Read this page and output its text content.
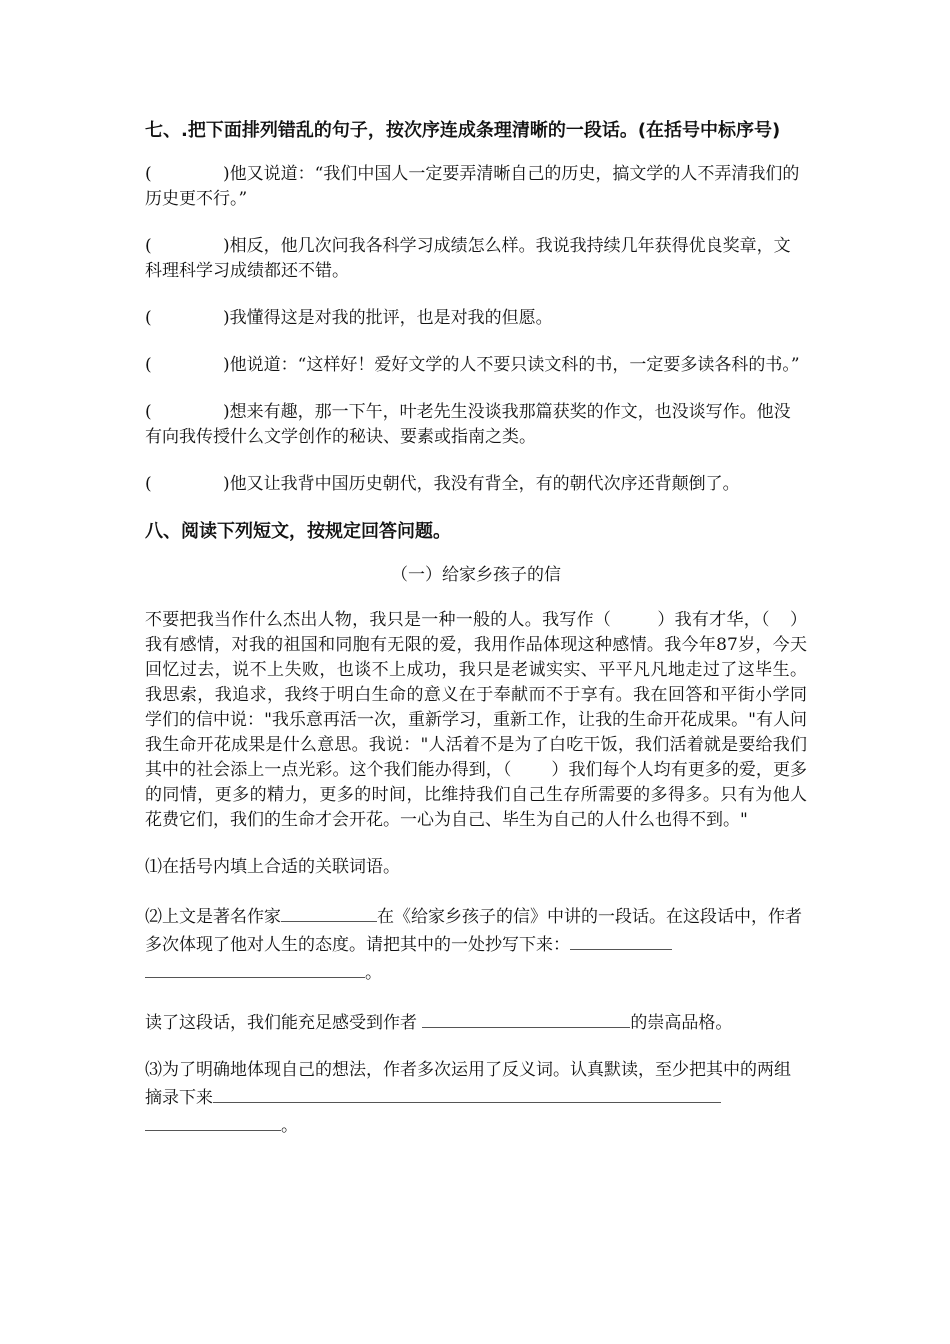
七、.把下面排列错乱的句子，按次序连成条理清晰的一段话。(在括号中标序号)
(	)他又说道：“我们中国人一定要弄清晰自己的历史，搞文学的人不弄清我们的历史更不行。”
(	)相反，他几次问我各科学习成绩怎么样。我说我持续几年获得优良奖章，文科理科学习成绩都还不错。
(	)我懂得这是对我的批评，也是对我的但愿。
(	)他说道：“这样好！爱好文学的人不要只读文科的书，一定要多读各科的书。”
(	)想来有趣，那一下午，叶老先生没谈我那篇获奖的作文，也没谈写作。他没有向我传授什么文学创作的秘诀、要素或指南之类。
(	)他又让我背中国历史朝代，我没有背全，有的朝代次序还背颠倒了。
八、阅读下列短文，按规定回答问题。
（一）给家乡孩子的信
不要把我当作什么杰出人物，我只是一种一般的人。我写作（	）我有才华，（ ）我有感情，对我的祖国和同胞有无限的爱，我用作品体现这种感情。我今年87岁，今天回忆过去，说不上失败，也谈不上成功，我只是老诚实实、平平凡凡地走过了这毕生。我思索，我追求，我终于明白生命的意义在于奉献而不于享有。我在回答和平街小学同学们的信中说："我乐意再活一次，重新学习，重新工作，让我的生命开花成果。"有人问我生命开花成果是什么意思。我说："人活着不是为了白吃干饭，我们活着就是要给我们其中的社会添上一点光彩。这个我们能办得到，（ ）我们每个人均有更多的爱，更多的同情，更多的精力，更多的时间，比维持我们自己生存所需要的多得多。只有为他人花费它们，我们的生命才会开花。一心为自己、毕生为自己的人什么也得不到。"
⑴在括号内填上合适的关联词语。
⑵上文是著名作家	在《给家乡孩子的信》中讲的一段话。在这段话中，作者多次体现了他对人生的态度。请把其中的一处抄写下来：
。
读了这段话，我们能充足感受到作者	的崇高品格。
⑶为了明确地体现自己的想法，作者多次运用了反义词。认真默读，至少把其中的两组摘录下来
。
